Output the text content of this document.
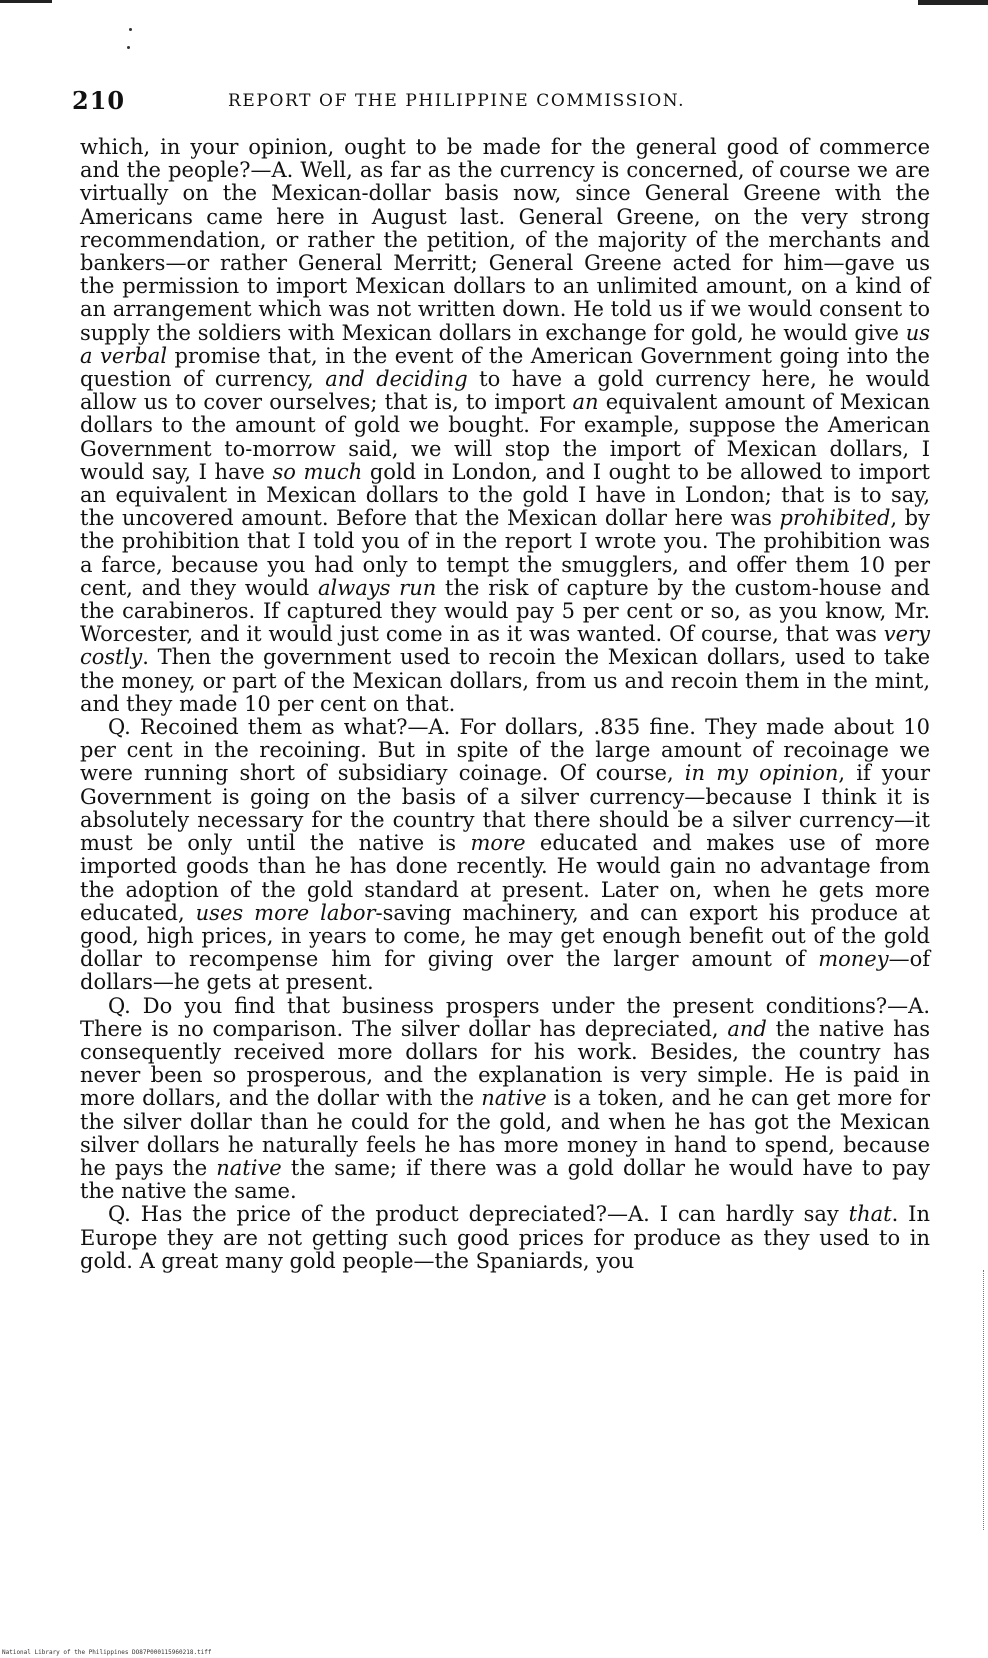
210	REPORT OF THE PHILIPPINE COMMISSION.

which, in your opinion, ought to be made for the general good of commerce and the people?—A. Well, as far as the currency is concerned, of course we are virtually on the Mexican-dollar basis now, since General Greene with the Americans came here in August last. General Greene, on the very strong recommendation, or rather the petition, of the majority of the merchants and bankers—or rather General Merritt; General Greene acted for him—gave us the permission to import Mexican dollars to an unlimited amount, on a kind of an arrangement which was not written down. He told us if we would consent to supply the soldiers with Mexican dollars in exchange for gold, he would give us a verbal promise that, in the event of the American Government going into the question of currency, and deciding to have a gold currency here, he would allow us to cover ourselves; that is, to import an equivalent amount of Mexican dollars to the amount of gold we bought. For example, suppose the American Government to-morrow said, we will stop the import of Mexican dollars, I would say, I have so much gold in London, and I ought to be allowed to import an equivalent in Mexican dollars to the gold I have in London; that is to say, the uncovered amount. Before that the Mexican dollar here was prohibited, by the prohibition that I told you of in the report I wrote you. The prohibition was a farce, because you had only to tempt the smugglers, and offer them 10 per cent, and they would always run the risk of capture by the custom-house and the carabineros. If captured they would pay 5 per cent or so, as you know, Mr. Worcester, and it would just come in as it was wanted. Of course, that was very costly. Then the government used to recoin the Mexican dollars, used to take the money, or part of the Mexican dollars, from us and recoin them in the mint, and they made 10 per cent on that.

Q. Recoined them as what?—A. For dollars, .835 fine. They made about 10 per cent in the recoining. But in spite of the large amount of recoinage we were running short of subsidiary coinage. Of course, in my opinion, if your Government is going on the basis of a silver currency—because I think it is absolutely necessary for the country that there should be a silver currency—it must be only until the native is more educated and makes use of more imported goods than he has done recently. He would gain no advantage from the adoption of the gold standard at present. Later on, when he gets more educated, uses more labor-saving machinery, and can export his produce at good, high prices, in years to come, he may get enough benefit out of the gold dollar to recompense him for giving over the larger amount of money—of dollars—he gets at present.

Q. Do you find that business prospers under the present conditions?—A. There is no comparison. The silver dollar has depreciated, and the native has consequently received more dollars for his work. Besides, the country has never been so prosperous, and the explanation is very simple. He is paid in more dollars, and the dollar with the native is a token, and he can get more for the silver dollar than he could for the gold, and when he has got the Mexican silver dollars he naturally feels he has more money in hand to spend, because he pays the native the same; if there was a gold dollar he would have to pay the native the same.

Q. Has the price of the product depreciated?—A. I can hardly say that. In Europe they are not getting such good prices for produce as they used to in gold. A great many gold people—the Spaniards, you

National Library of the Philippines DO87P000115960218.tiff
